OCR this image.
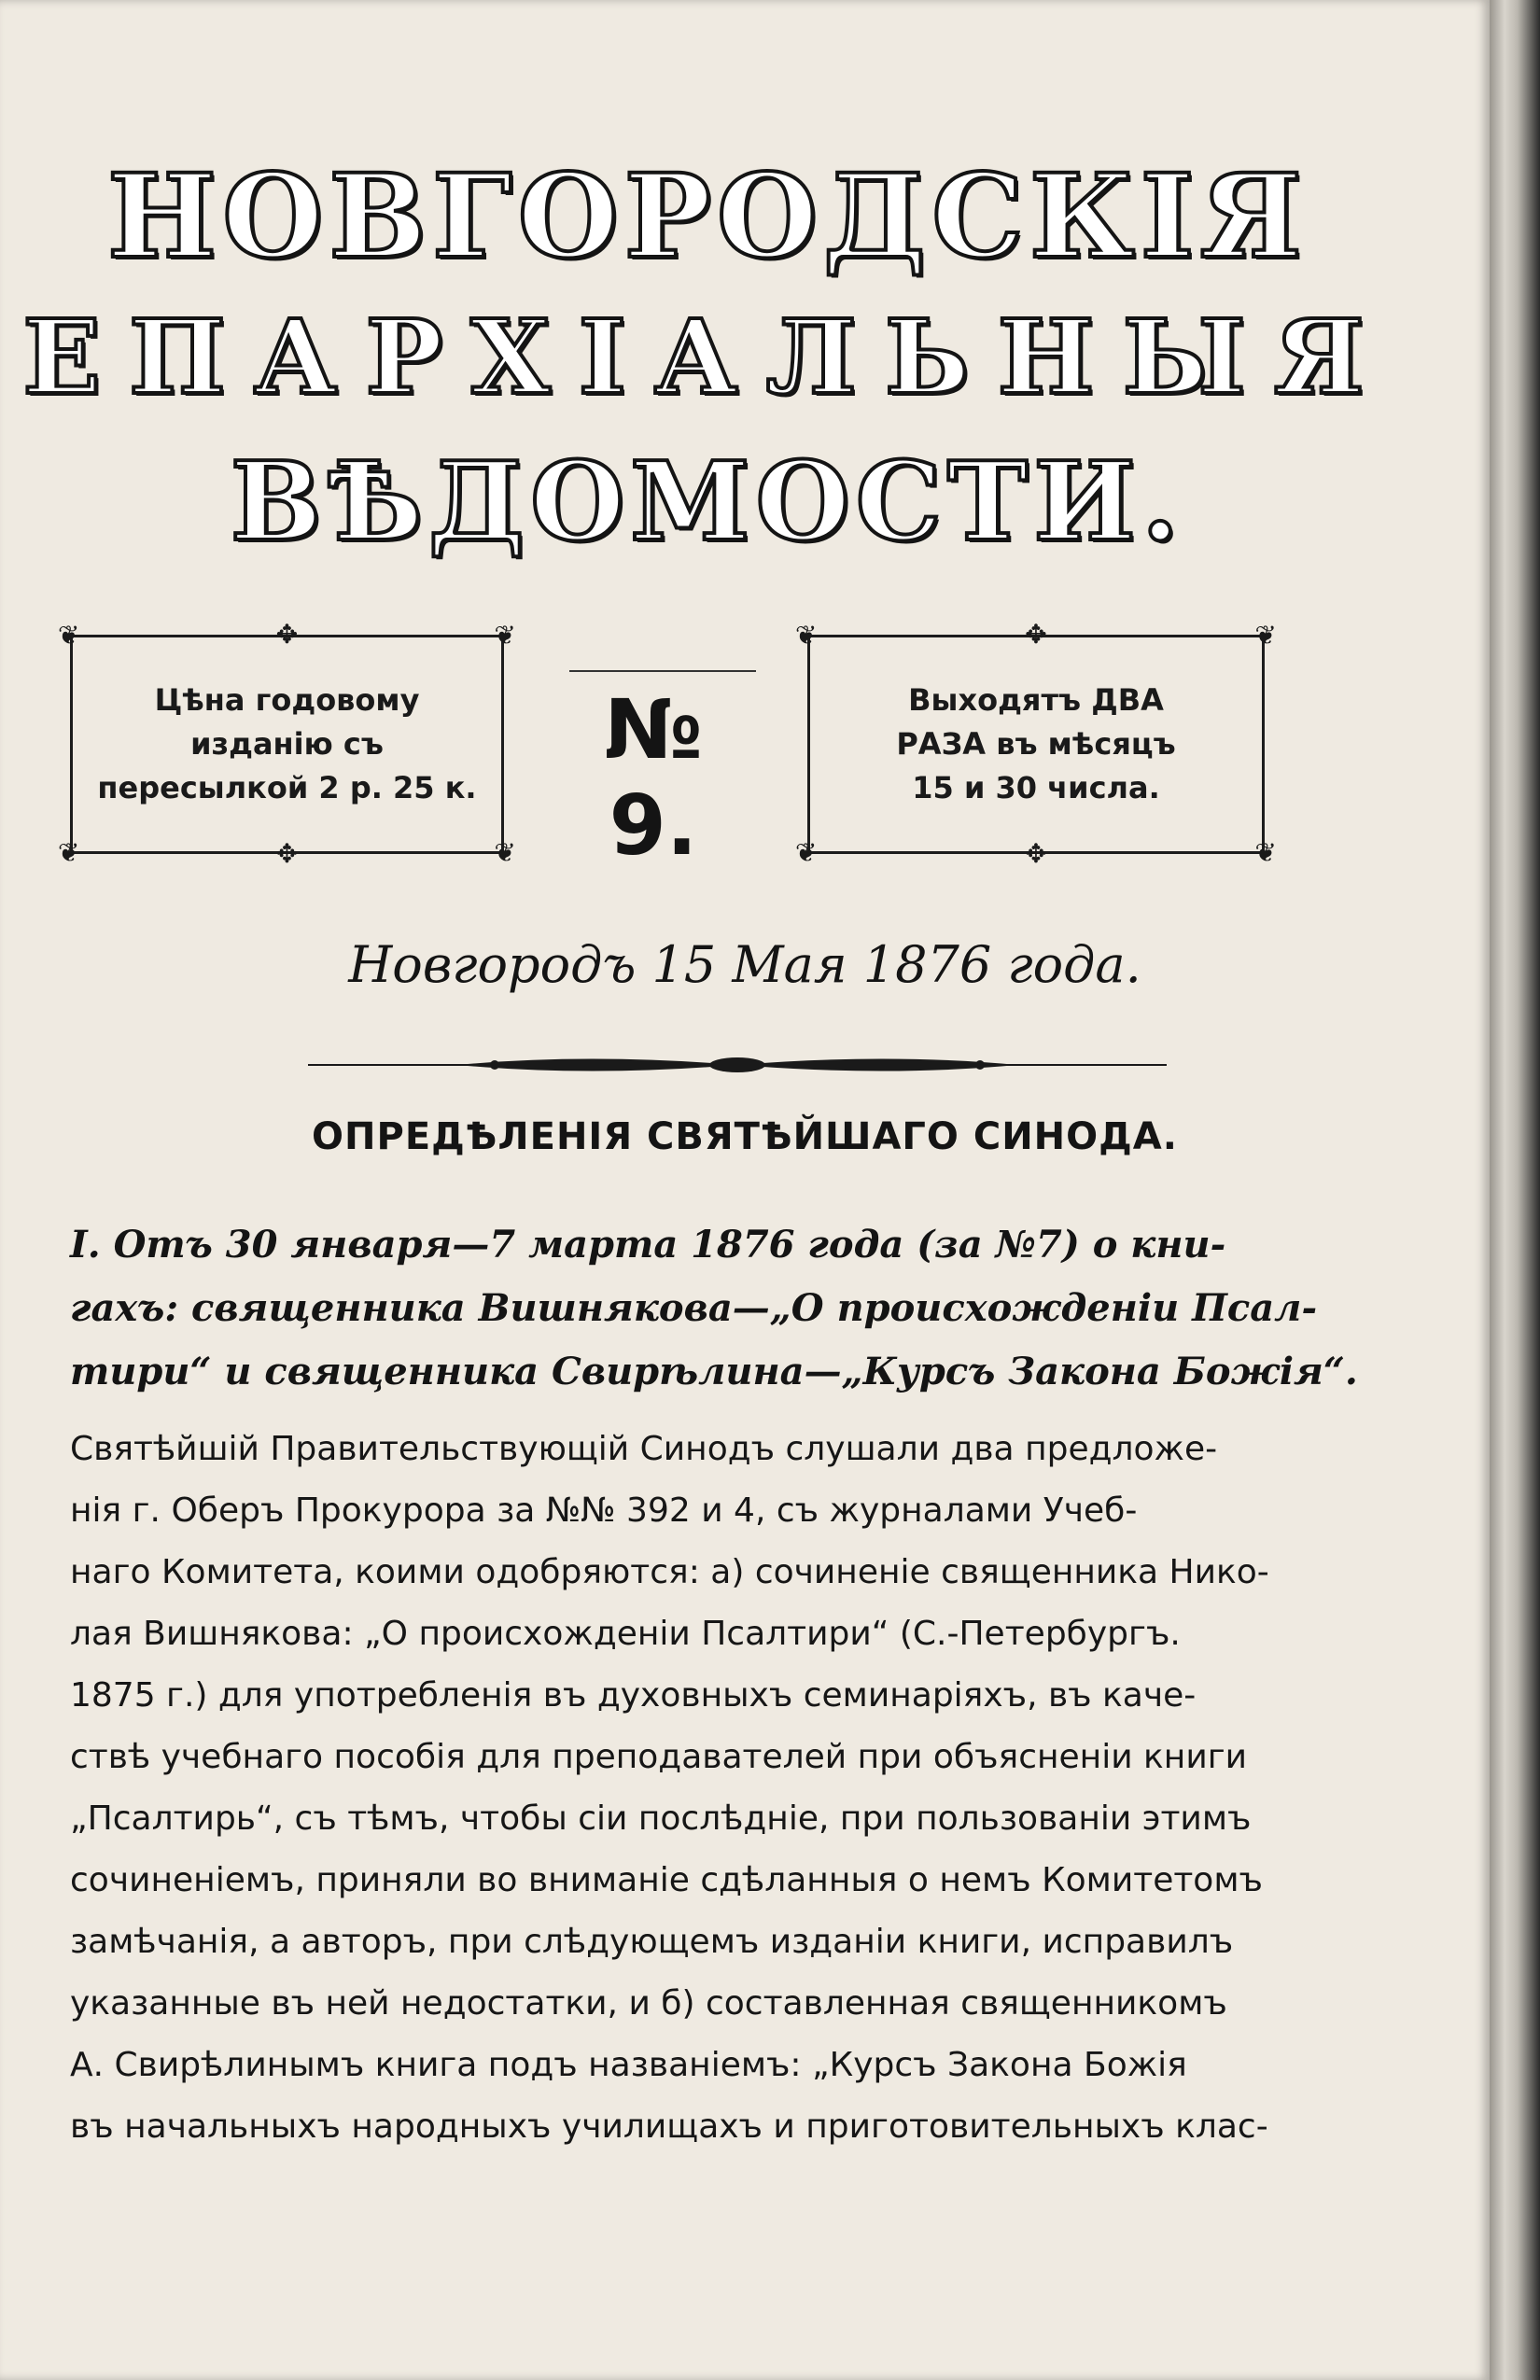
НОВГОРОДСКІЯ
ЕПАРХІАЛЬНЫЯ
ВѢДОМОСТИ.
❦	❦
❦	❦
✥
✥
Цѣна годовому изданію съ пересылкой 2 р. 25 к.
№ 9.
❦	❦
❦	❦
✥
✥
Выходятъ ДВА
РАЗА въ мѣсяцъ
15 и 30 числа.
Новгородъ 15 Мая 1876 года.
ОПРЕДѢЛЕНІЯ СВЯТѢЙШАГО СИНОДА.
I. Отъ 30 января—7 марта 1876 года (за №7) о кни-
гахъ: священника Вишнякова—„О происхожденіи Псал-
тири“ и священника Свирѣлина—„Курсъ Закона Божія“.
Святѣйшій Правительствующій Синодъ слушали два предложе-
нія г. Оберъ Прокурора за №№ 392 и 4, съ журналами Учеб-
наго Комитета, коими одобряются: а) сочиненіе священника Нико-
лая Вишнякова: „О происхожденіи Псалтири“ (С.-Петербургъ.
1875 г.) для употребленія въ духовныхъ семинаріяхъ, въ каче-
ствѣ учебнаго пособія для преподавателей при объясненіи книги
„Псалтирь“, съ тѣмъ, чтобы сіи послѣдніе, при пользованіи этимъ
сочиненіемъ, приняли во вниманіе сдѣланныя о немъ Комитетомъ
замѣчанія, а авторъ, при слѣдующемъ изданіи книги, исправилъ
указанные въ ней недостатки, и б) составленная священникомъ
А. Свирѣлинымъ книга подъ названіемъ: „Курсъ Закона Божія
въ начальныхъ народныхъ училищахъ и приготовительныхъ клас-
